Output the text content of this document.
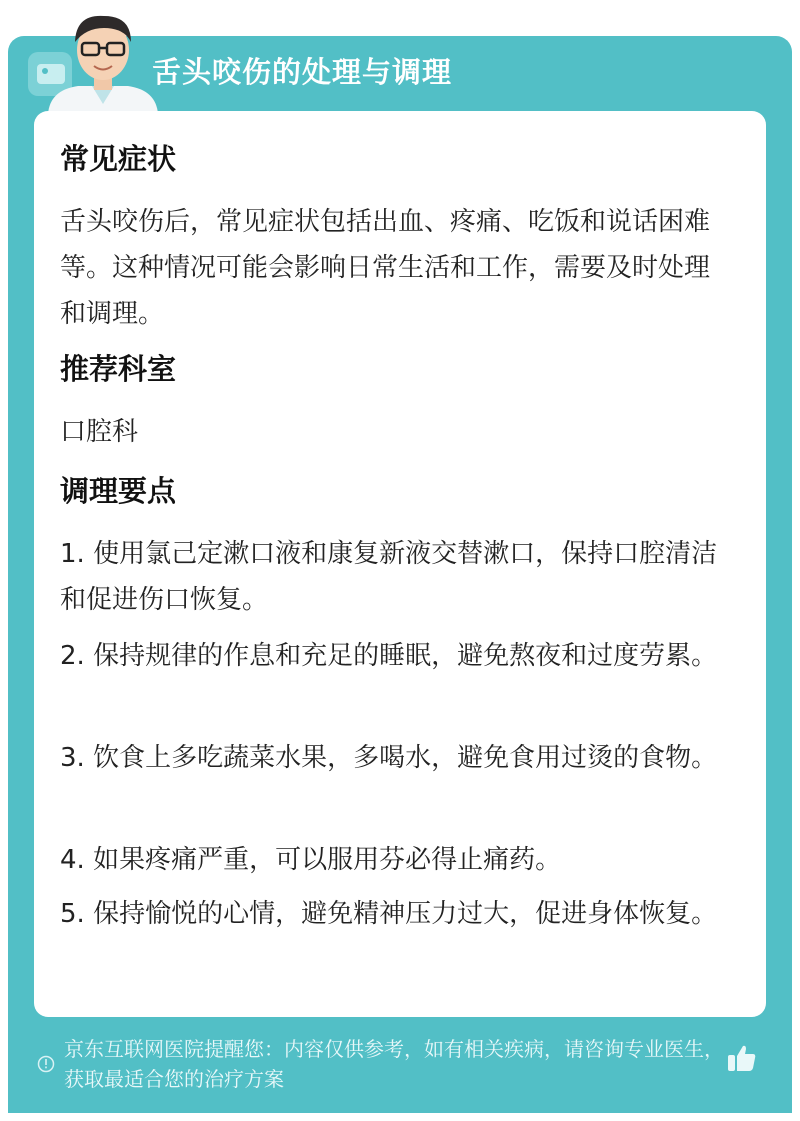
舌头咬伤的处理与调理
常见症状
舌头咬伤后，常见症状包括出血、疼痛、吃饭和说话困难等。这种情况可能会影响日常生活和工作，需要及时处理和调理。
推荐科室
口腔科
调理要点
1. 使用氯己定漱口液和康复新液交替漱口，保持口腔清洁和促进伤口恢复。
2. 保持规律的作息和充足的睡眠，避免熬夜和过度劳累。
3. 饮食上多吃蔬菜水果，多喝水，避免食用过烫的食物。
4. 如果疼痛严重，可以服用芬必得止痛药。
5. 保持愉悦的心情，避免精神压力过大，促进身体恢复。
京东互联网医院提醒您：内容仅供参考，如有相关疾病，请咨询专业医生，获取最适合您的治疗方案
